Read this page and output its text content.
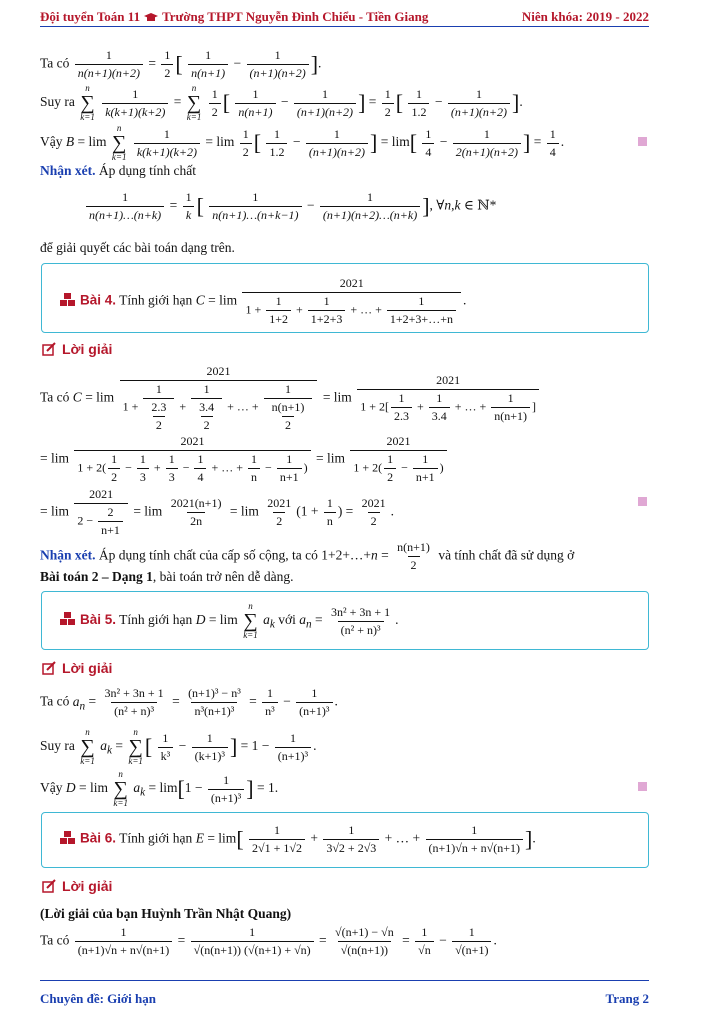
Đội tuyển Toán 11 Trường THPT Nguyễn Đình Chiểu - Tiền Giang	Niên khóa: 2019 - 2022
Ta có $\frac{1}{n(n+1)(n+2)} = \frac{1}{2}$ [ $\frac{1}{n(n+1)} - \frac{1}{(n+1)(n+2)}$ ].
Suy ra
n
∑
k=1
$\frac{1}{k(k+1)(k+2)}$ =
n
∑
k=1
$\frac{1}{2}$ [ $\frac{1}{n(n+1)} - \frac{1}{(n+1)(n+2)}$ ] = $\frac{1}{2}$ [ $\frac{1}{1.2} - \frac{1}{(n+1)(n+2)}$ ].
Vậy B = lim
n
∑
k=1
$\frac{1}{k(k+1)(k+2)} = \lim \frac{1}{2}$ [ $\frac{1}{1.2} - \frac{1}{(n+1)(n+2)}$ ] = $\lim[ \frac{1}{4} - \frac{1}{2(n+1)(n+2)}$ ] = $\frac{1}{4}$ .
Nhận xét. Áp dụng tính chất
$\frac{1}{n(n+1)\dots(n+k)} = \frac{1}{k}$ [ $\frac{1}{n(n+1)\dots(n+k-1)} - \frac{1}{(n+1)(n+2)\dots(n+k)}$ ], ∀n,k ∈ ℕ*
để giải quyết các bài toán dạng trên.
Bài 4. Tính giới hạn $C = \lim \frac{2021}{1 + \frac{1}{1+2} + \frac{1}{1+2+3} + \dots + \frac{1}{1+2+3+\dots+n}}$ .
Lời giải
Ta có $C = \lim \frac{2021}{1 + \frac{1}{\frac{2.3}{2}} + \frac{1}{\frac{3.4}{2}} + \dots + \frac{1}{\frac{n(n+1)}{2}}} = \lim \frac{2021}{1 + 2[ \frac{1}{2.3} + \frac{1}{3.4} + \dots + \frac{1}{n(n+1)} ]}$
= $\lim \frac{2021}{1 + 2( \frac{1}{2} - \frac{1}{3} + \frac{1}{3} - \frac{1}{4} + \dots + \frac{1}{n} - \frac{1}{n+1} )} = \lim \frac{2021}{1 + 2( \frac{1}{2} - \frac{1}{n+1} )}$
= $\lim \frac{2021}{2 - \frac{2}{n+1}} = \lim \frac{2021(n+1)}{2n} = \lim \frac{2021}{2} (1 + \frac{1}{n}$ ) = $\frac{2021}{2}$ .
Nhận xét. Áp dụng tính chất của cấp số cộng, ta có 1+2+…+n = $\frac{n(n+1)}{2}$ và tính chất đã sử dụng ở
Bài toán 2 – Dạng 1, bài toán trở nên dễ dàng.
Bài 5. Tính giới hạn D = lim
n
∑
k=1
$a_k$ với $a_n = \frac{\text{3n² + 3n + 1}}{\text{(n² + n)³}}$ .
Lời giải
Ta có $a_n = \frac{\text{3n² + 3n + 1}}{\text{(n² + n)³}} = \frac{\text{(n+1)³ − n³}}{\text{n³(n+1)³}} = \frac{1}{\text{n³}} - \frac{1}{\text{(n+1)³}}$ .
Suy ra
n
∑
k=1
$a_k$ =
n
∑
k=1
[ $\frac{1}{\text{k³}} - \frac{1}{\text{(k+1)³}}$ ] = $1 - \frac{1}{\text{(n+1)³}}$ .
Vậy D = lim
n
∑
k=1
$a_k = \lim[1 - \frac{1}{\text{(n+1)³}}$ ] = 1.
Bài 6. Tính giới hạn $E = \lim[ \frac{1}{2√1 + 1√2} + \frac{1}{3√2 + 2√3}$ + … + $\frac{1}{(n+1)√n + n√(n+1)}$ ].
Lời giải
(Lời giải của bạn Huỳnh Trần Nhật Quang)
Ta có $\frac{1}{(n+1)√n + n√(n+1)} = \frac{1}{√(n(n+1)) (√(n+1) + √n)} = \frac{√(n+1) - √n}{√(n(n+1))} = \frac{1}{√n} - \frac{1}{√(n+1)}$ .
Chuyên đề: Giới hạn	Trang 2
